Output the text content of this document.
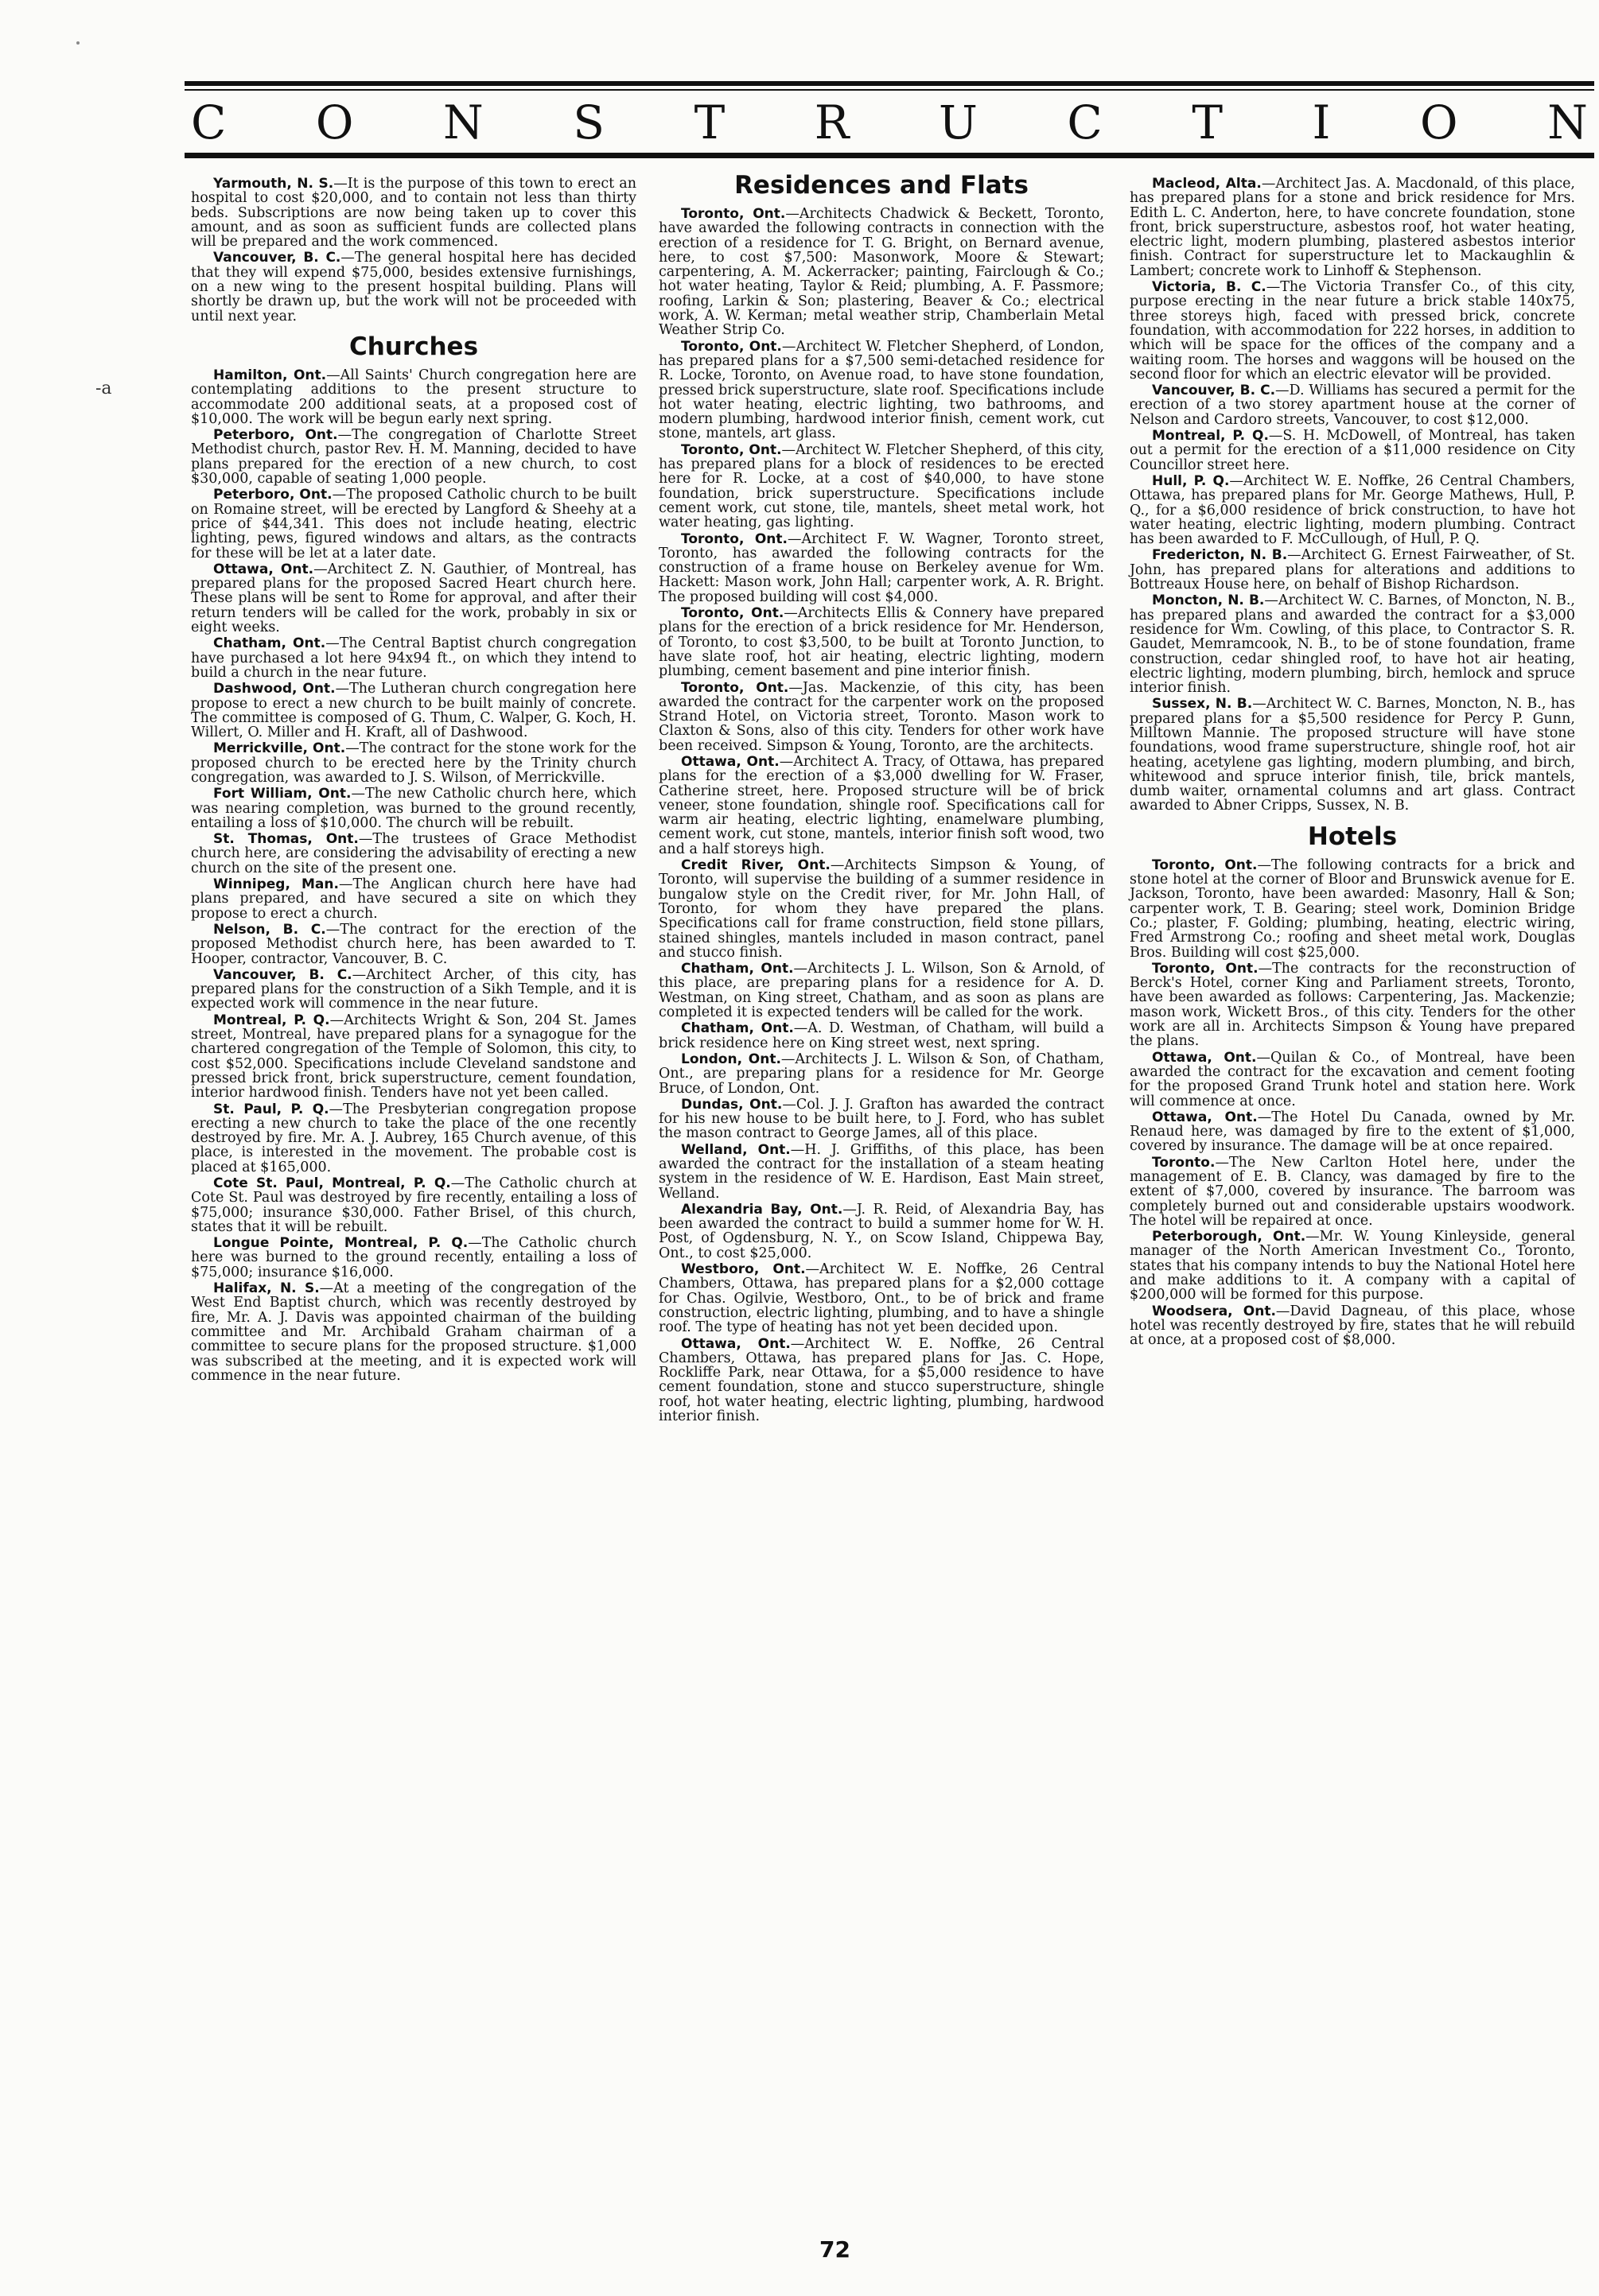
-a
C O N S T R U C T I O N

Yarmouth, N. S.—It is the purpose of this town to erect an hospital to cost $20,000, and to contain not less than thirty beds. Subscriptions are now being taken up to cover this amount, and as soon as sufficient funds are collected plans will be prepared and the work commenced.

Vancouver, B. C.—The general hospital here has decided that they will expend $75,000, besides extensive furnishings, on a new wing to the present hospital building. Plans will shortly be drawn up, but the work will not be proceeded with until next year.

Churches

Hamilton, Ont.—All Saints' Church congregation here are contemplating additions to the present structure to accommodate 200 additional seats, at a proposed cost of $10,000. The work will be begun early next spring.

Peterboro, Ont.—The congregation of Charlotte Street Methodist church, pastor Rev. H. M. Manning, decided to have plans prepared for the erection of a new church, to cost $30,000, capable of seating 1,000 people.

Peterboro, Ont.—The proposed Catholic church to be built on Romaine street, will be erected by Langford & Sheehy at a price of $44,341. This does not include heating, electric lighting, pews, figured windows and altars, as the contracts for these will be let at a later date.

Ottawa, Ont.—Architect Z. N. Gauthier, of Montreal, has prepared plans for the proposed Sacred Heart church here. These plans will be sent to Rome for approval, and after their return tenders will be called for the work, probably in six or eight weeks.

Chatham, Ont.—The Central Baptist church congregation have purchased a lot here 94x94 ft., on which they intend to build a church in the near future.

Dashwood, Ont.—The Lutheran church congregation here propose to erect a new church to be built mainly of concrete. The committee is composed of G. Thum, C. Walper, G. Koch, H. Willert, O. Miller and H. Kraft, all of Dashwood.

Merrickville, Ont.—The contract for the stone work for the proposed church to be erected here by the Trinity church congregation, was awarded to J. S. Wilson, of Merrickville.

Fort William, Ont.—The new Catholic church here, which was nearing completion, was burned to the ground recently, entailing a loss of $10,000. The church will be rebuilt.

St. Thomas, Ont.—The trustees of Grace Methodist church here, are considering the advisability of erecting a new church on the site of the present one.

Winnipeg, Man.—The Anglican church here have had plans prepared, and have secured a site on which they propose to erect a church.

Nelson, B. C.—The contract for the erection of the proposed Methodist church here, has been awarded to T. Hooper, contractor, Vancouver, B. C.

Vancouver, B. C.—Architect Archer, of this city, has prepared plans for the construction of a Sikh Temple, and it is expected work will commence in the near future.

Montreal, P. Q.—Architects Wright & Son, 204 St. James street, Montreal, have prepared plans for a synagogue for the chartered congregation of the Temple of Solomon, this city, to cost $52,000. Specifications include Cleveland sandstone and pressed brick front, brick superstructure, cement foundation, interior hardwood finish. Tenders have not yet been called.

St. Paul, P. Q.—The Presbyterian congregation propose erecting a new church to take the place of the one recently destroyed by fire. Mr. A. J. Aubrey, 165 Church avenue, of this place, is interested in the movement. The probable cost is placed at $165,000.

Cote St. Paul, Montreal, P. Q.—The Catholic church at Cote St. Paul was destroyed by fire recently, entailing a loss of $75,000; insurance $30,000. Father Brisel, of this church, states that it will be rebuilt.

Longue Pointe, Montreal, P. Q.—The Catholic church here was burned to the ground recently, entailing a loss of $75,000; insurance $16,000.

Halifax, N. S.—At a meeting of the congregation of the West End Baptist church, which was recently destroyed by fire, Mr. A. J. Davis was appointed chairman of the building committee and Mr. Archibald Graham chairman of a committee to secure plans for the proposed structure. $1,000 was subscribed at the meeting, and it is expected work will commence in the near future.

Residences and Flats

Toronto, Ont.—Architects Chadwick & Beckett, Toronto, have awarded the following contracts in connection with the erection of a residence for T. G. Bright, on Bernard avenue, here, to cost $7,500: Masonwork, Moore & Stewart; carpentering, A. M. Ackerracker; painting, Fairclough & Co.; hot water heating, Taylor & Reid; plumbing, A. F. Passmore; roofing, Larkin & Son; plastering, Beaver & Co.; electrical work, A. W. Kerman; metal weather strip, Chamberlain Metal Weather Strip Co.

Toronto, Ont.—Architect W. Fletcher Shepherd, of London, has prepared plans for a $7,500 semi-detached residence for R. Locke, Toronto, on Avenue road, to have stone foundation, pressed brick superstructure, slate roof. Specifications include hot water heating, electric lighting, two bathrooms, and modern plumbing, hardwood interior finish, cement work, cut stone, mantels, art glass.

Toronto, Ont.—Architect W. Fletcher Shepherd, of this city, has prepared plans for a block of residences to be erected here for R. Locke, at a cost of $40,000, to have stone foundation, brick superstructure. Specifications include cement work, cut stone, tile, mantels, sheet metal work, hot water heating, gas lighting.

Toronto, Ont.—Architect F. W. Wagner, Toronto street, Toronto, has awarded the following contracts for the construction of a frame house on Berkeley avenue for Wm. Hackett: Mason work, John Hall; carpenter work, A. R. Bright. The proposed building will cost $4,000.

Toronto, Ont.—Architects Ellis & Connery have prepared plans for the erection of a brick residence for Mr. Henderson, of Toronto, to cost $3,500, to be built at Toronto Junction, to have slate roof, hot air heating, electric lighting, modern plumbing, cement basement and pine interior finish.

Toronto, Ont.—Jas. Mackenzie, of this city, has been awarded the contract for the carpenter work on the proposed Strand Hotel, on Victoria street, Toronto. Mason work to Claxton & Sons, also of this city. Tenders for other work have been received. Simpson & Young, Toronto, are the architects.

Ottawa, Ont.—Architect A. Tracy, of Ottawa, has prepared plans for the erection of a $3,000 dwelling for W. Fraser, Catherine street, here. Proposed structure will be of brick veneer, stone foundation, shingle roof. Specifications call for warm air heating, electric lighting, enamelware plumbing, cement work, cut stone, mantels, interior finish soft wood, two and a half storeys high.

Credit River, Ont.—Architects Simpson & Young, of Toronto, will supervise the building of a summer residence in bungalow style on the Credit river, for Mr. John Hall, of Toronto, for whom they have prepared the plans. Specifications call for frame construction, field stone pillars, stained shingles, mantels included in mason contract, panel and stucco finish.

Chatham, Ont.—Architects J. L. Wilson, Son & Arnold, of this place, are preparing plans for a residence for A. D. Westman, on King street, Chatham, and as soon as plans are completed it is expected tenders will be called for the work.

Chatham, Ont.—A. D. Westman, of Chatham, will build a brick residence here on King street west, next spring.

London, Ont.—Architects J. L. Wilson & Son, of Chatham, Ont., are preparing plans for a residence for Mr. George Bruce, of London, Ont.

Dundas, Ont.—Col. J. J. Grafton has awarded the contract for his new house to be built here, to J. Ford, who has sublet the mason contract to George James, all of this place.

Welland, Ont.—H. J. Griffiths, of this place, has been awarded the contract for the installation of a steam heating system in the residence of W. E. Hardison, East Main street, Welland.

Alexandria Bay, Ont.—J. R. Reid, of Alexandria Bay, has been awarded the contract to build a summer home for W. H. Post, of Ogdensburg, N. Y., on Scow Island, Chippewa Bay, Ont., to cost $25,000.

Westboro, Ont.—Architect W. E. Noffke, 26 Central Chambers, Ottawa, has prepared plans for a $2,000 cottage for Chas. Ogilvie, Westboro, Ont., to be of brick and frame construction, electric lighting, plumbing, and to have a shingle roof. The type of heating has not yet been decided upon.

Ottawa, Ont.—Architect W. E. Noffke, 26 Central Chambers, Ottawa, has prepared plans for Jas. C. Hope, Rockliffe Park, near Ottawa, for a $5,000 residence to have cement foundation, stone and stucco superstructure, shingle roof, hot water heating, electric lighting, plumbing, hardwood interior finish.

Macleod, Alta.—Architect Jas. A. Macdonald, of this place, has prepared plans for a stone and brick residence for Mrs. Edith L. C. Anderton, here, to have concrete foundation, stone front, brick superstructure, asbestos roof, hot water heating, electric light, modern plumbing, plastered asbestos interior finish. Contract for superstructure let to Mackaughlin & Lambert; concrete work to Linhoff & Stephenson.

Victoria, B. C.—The Victoria Transfer Co., of this city, purpose erecting in the near future a brick stable 140x75, three storeys high, faced with pressed brick, concrete foundation, with accommodation for 222 horses, in addition to which will be space for the offices of the company and a waiting room. The horses and waggons will be housed on the second floor for which an electric elevator will be provided.

Vancouver, B. C.—D. Williams has secured a permit for the erection of a two storey apartment house at the corner of Nelson and Cardoro streets, Vancouver, to cost $12,000.

Montreal, P. Q.—S. H. McDowell, of Montreal, has taken out a permit for the erection of a $11,000 residence on City Councillor street here.

Hull, P. Q.—Architect W. E. Noffke, 26 Central Chambers, Ottawa, has prepared plans for Mr. George Mathews, Hull, P. Q., for a $6,000 residence of brick construction, to have hot water heating, electric lighting, modern plumbing. Contract has been awarded to F. McCullough, of Hull, P. Q.

Fredericton, N. B.—Architect G. Ernest Fairweather, of St. John, has prepared plans for alterations and additions to Bottreaux House here, on behalf of Bishop Richardson.

Moncton, N. B.—Architect W. C. Barnes, of Moncton, N. B., has prepared plans and awarded the contract for a $3,000 residence for Wm. Cowling, of this place, to Contractor S. R. Gaudet, Memramcook, N. B., to be of stone foundation, frame construction, cedar shingled roof, to have hot air heating, electric lighting, modern plumbing, birch, hemlock and spruce interior finish.

Sussex, N. B.—Architect W. C. Barnes, Moncton, N. B., has prepared plans for a $5,500 residence for Percy P. Gunn, Milltown Mannie. The proposed structure will have stone foundations, wood frame superstructure, shingle roof, hot air heating, acetylene gas lighting, modern plumbing, and birch, whitewood and spruce interior finish, tile, brick mantels, dumb waiter, ornamental columns and art glass. Contract awarded to Abner Cripps, Sussex, N. B.

Hotels

Toronto, Ont.—The following contracts for a brick and stone hotel at the corner of Bloor and Brunswick avenue for E. Jackson, Toronto, have been awarded: Masonry, Hall & Son; carpenter work, T. B. Gearing; steel work, Dominion Bridge Co.; plaster, F. Golding; plumbing, heating, electric wiring, Fred Armstrong Co.; roofing and sheet metal work, Douglas Bros. Building will cost $25,000.

Toronto, Ont.—The contracts for the reconstruction of Berck's Hotel, corner King and Parliament streets, Toronto, have been awarded as follows: Carpentering, Jas. Mackenzie; mason work, Wickett Bros., of this city. Tenders for the other work are all in. Architects Simpson & Young have prepared the plans.

Ottawa, Ont.—Quilan & Co., of Montreal, have been awarded the contract for the excavation and cement footing for the proposed Grand Trunk hotel and station here. Work will commence at once.

Ottawa, Ont.—The Hotel Du Canada, owned by Mr. Renaud here, was damaged by fire to the extent of $1,000, covered by insurance. The damage will be at once repaired.

Toronto.—The New Carlton Hotel here, under the management of E. B. Clancy, was damaged by fire to the extent of $7,000, covered by insurance. The barroom was completely burned out and considerable upstairs woodwork. The hotel will be repaired at once.

Peterborough, Ont.—Mr. W. Young Kinleyside, general manager of the North American Investment Co., Toronto, states that his company intends to buy the National Hotel here and make additions to it. A company with a capital of $200,000 will be formed for this purpose.

Woodsera, Ont.—David Dagneau, of this place, whose hotel was recently destroyed by fire, states that he will rebuild at once, at a proposed cost of $8,000.

72
